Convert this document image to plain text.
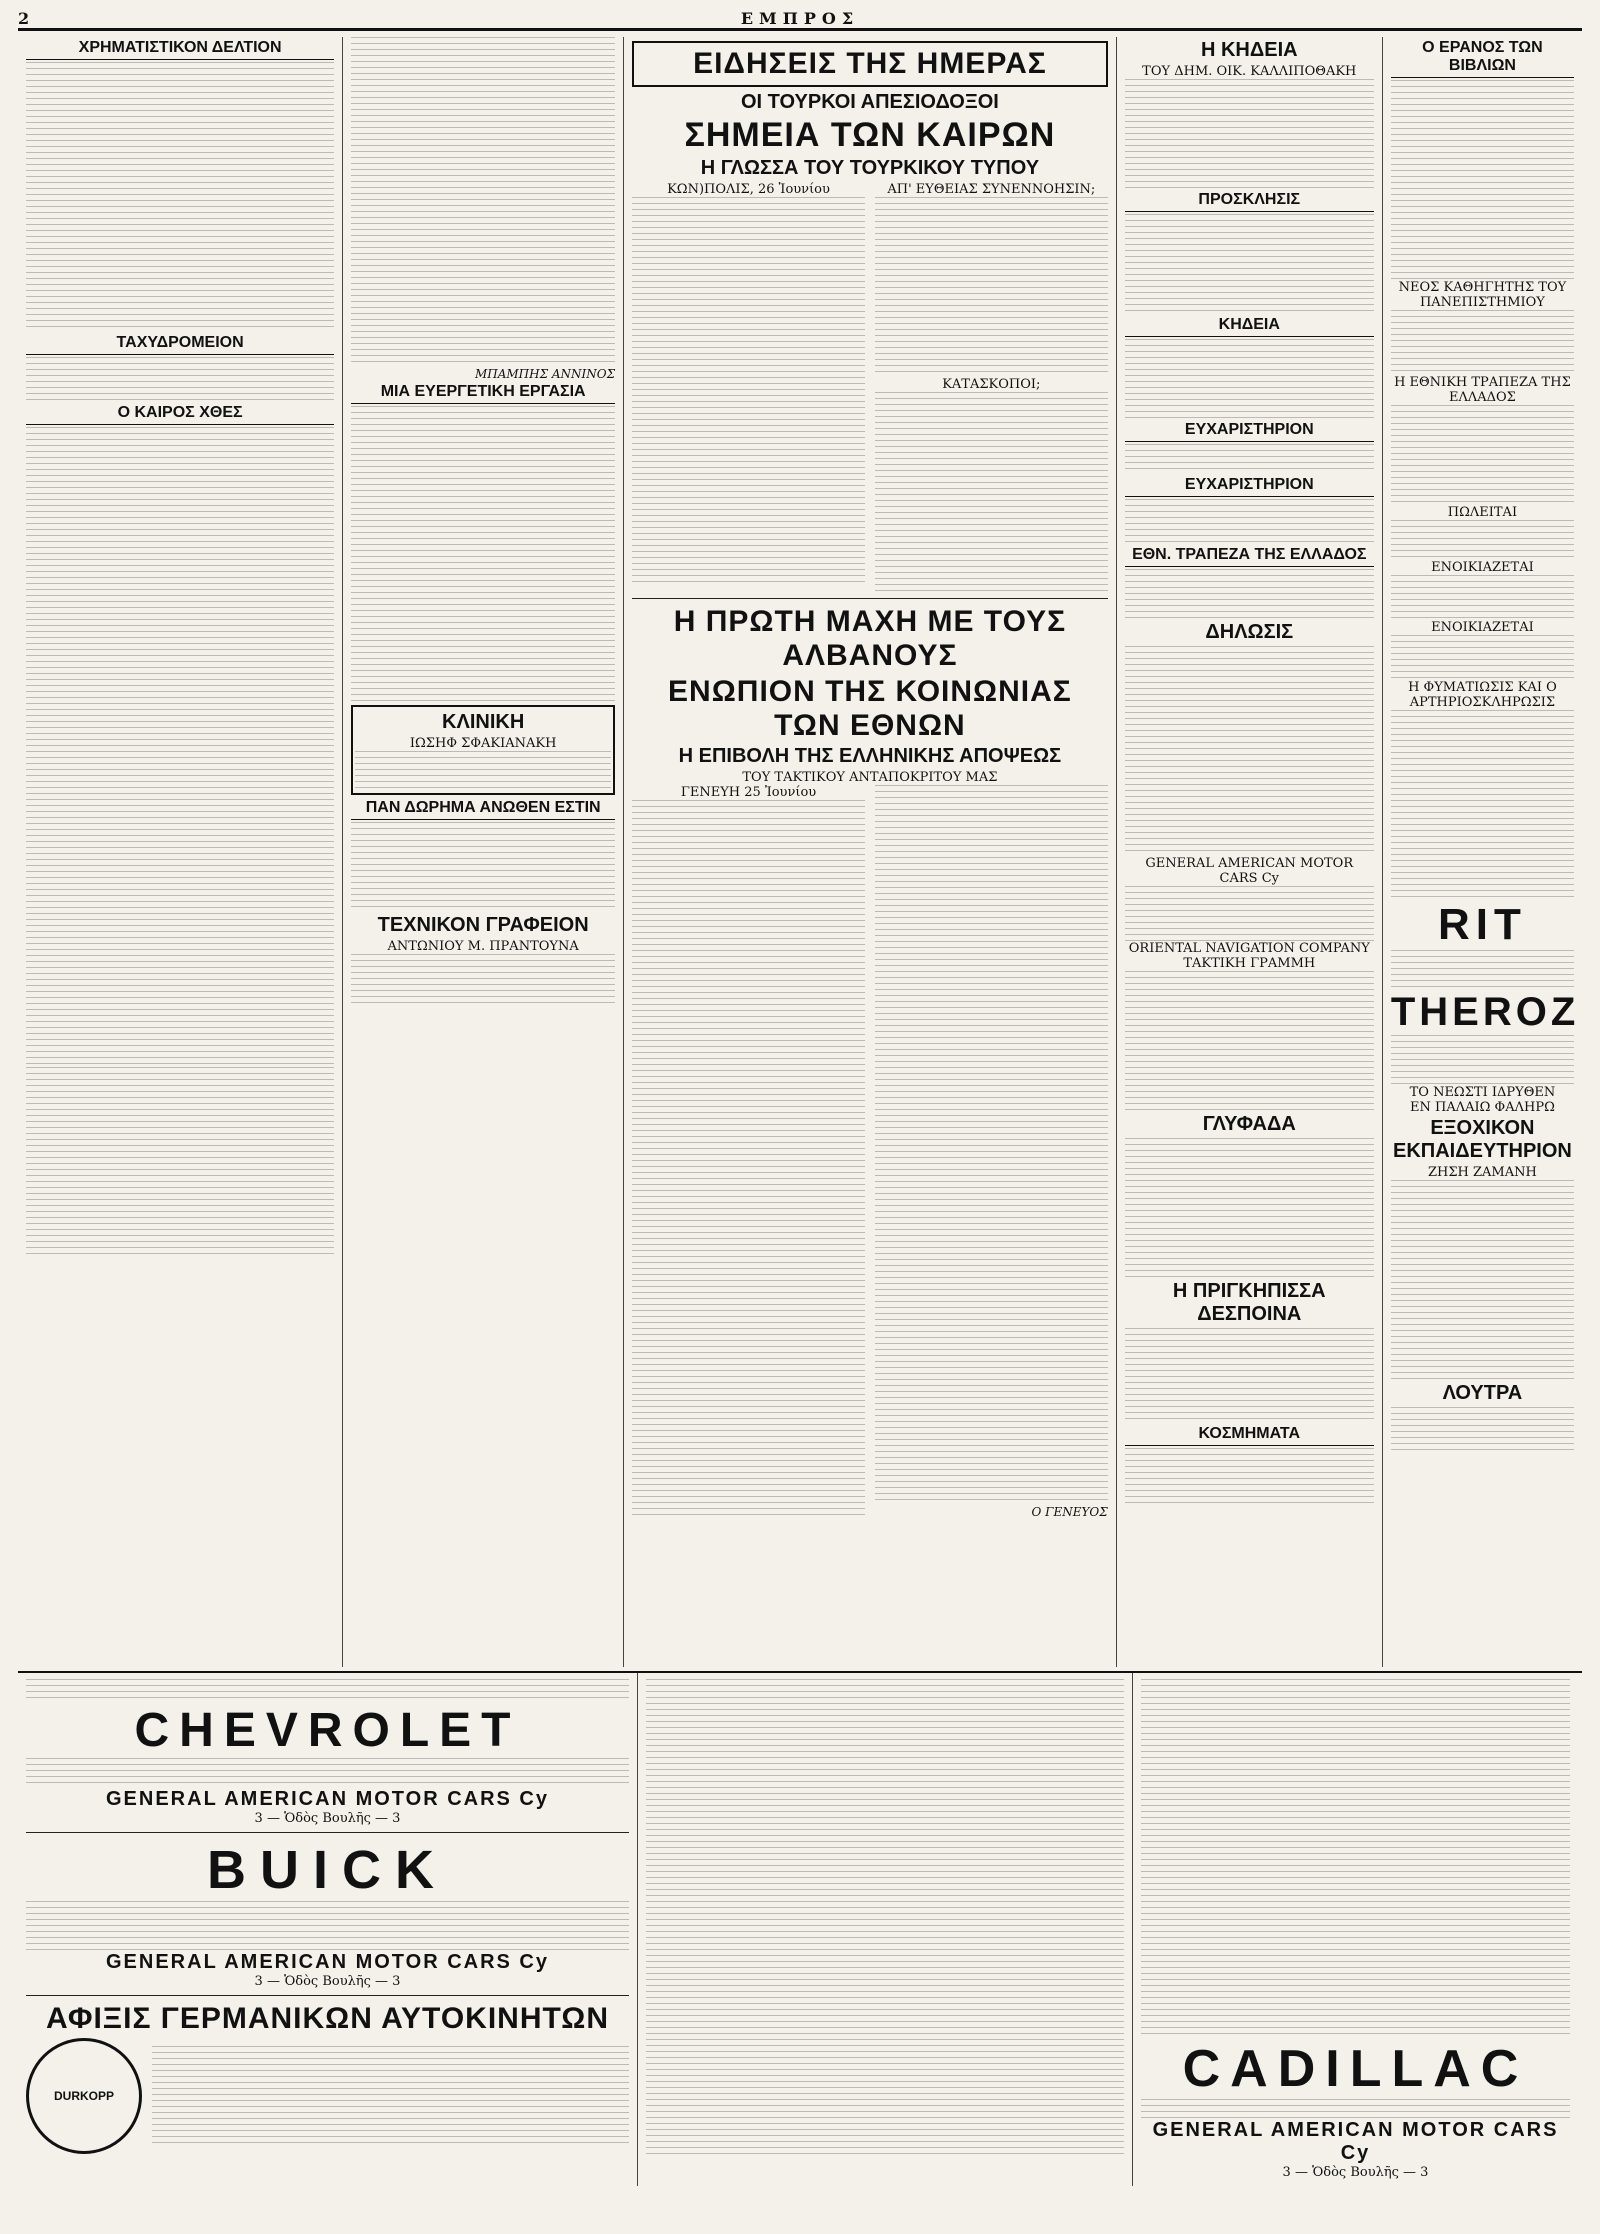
2	ΕΜΠΡΟΣ
ΧΡΗΜΑΤΙΣΤΙΚΟΝ ΔΕΛΤΙΟΝ
ΤΑΧΥΔΡΟΜΕΙΟΝ
Ο ΚΑΙΡΟΣ ΧΘΕΣ
ΜΠΑΜΠΗΣ ΑΝΝΙΝΟΣ
ΜΙΑ ΕΥΕΡΓΕΤΙΚΗ ΕΡΓΑΣΙΑ
ΚΛΙΝΙΚΗ
ΙΩΣΗΦ ΣΦΑΚΙΑΝΑΚΗ
ΠΑΝ ΔΩΡΗΜΑ ΑΝΩΘΕΝ ΕΣΤΙΝ
ΤΕΧΝΙΚΟΝ ΓΡΑΦΕΙΟΝ
ΑΝΤΩΝΙΟΥ Μ. ΠΡΑΝΤΟΥΝΑ
ΕΙΔΗΣΕΙΣ ΤΗΣ ΗΜΕΡΑΣ
ΟΙ ΤΟΥΡΚΟΙ ΑΠΕΣΙΟΔΟΞΟΙ
ΣΗΜΕΙΑ ΤΩΝ ΚΑΙΡΩΝ
Η ΓΛΩΣΣΑ ΤΟΥ ΤΟΥΡΚΙΚΟΥ ΤΥΠΟΥ
ΚΩΝ)ΠΟΛΙΣ, 26 Ἰουνίου	ΑΠ' ΕΥΘΕΙΑΣ ΣΥΝΕΝΝΟΗΣΙΝ;
ΚΑΤΑΣΚΟΠΟΙ;
Η ΠΡΩΤΗ ΜΑΧΗ ΜΕ ΤΟΥΣ ΑΛΒΑΝΟΥΣ
ΕΝΩΠΙΟΝ ΤΗΣ ΚΟΙΝΩΝΙΑΣ ΤΩΝ ΕΘΝΩΝ
Η ΕΠΙΒΟΛΗ ΤΗΣ ΕΛΛΗΝΙΚΗΣ ΑΠΟΨΕΩΣ
ΤΟΥ ΤΑΚΤΙΚΟΥ ΑΝΤΑΠΟΚΡΙΤΟΥ ΜΑΣ
ΓΕΝΕΥΗ 25 Ἰουνίου
Ο ΓΕΝΕΥΟΣ
Η ΚΗΔΕΙΑ
ΤΟΥ ΔΗΜ. ΟΙΚ. ΚΑΛΛΙΠΟΘΑΚΗ
ΠΡΟΣΚΛΗΣΙΣ
ΚΗΔΕΙΑ
ΕΥΧΑΡΙΣΤΗΡΙΟΝ
ΕΥΧΑΡΙΣΤΗΡΙΟΝ
ΕΘΝ. ΤΡΑΠΕΖΑ ΤΗΣ ΕΛΛΑΔΟΣ
ΔΗΛΩΣΙΣ
GENERAL AMERICAN MOTOR CARS Cy
ORIENTAL NAVIGATION COMPANY
ΤΑΚΤΙΚΗ ΓΡΑΜΜΗ
ΓΛΥΦΑΔΑ
Η ΠΡΙΓΚΗΠΙΣΣΑ ΔΕΣΠΟΙΝΑ
ΚΟΣΜΗΜΑΤΑ
Ο ΕΡΑΝΟΣ ΤΩΝ ΒΙΒΛΙΩΝ
ΝΕΟΣ ΚΑΘΗΓΗΤΗΣ ΤΟΥ ΠΑΝΕΠΙΣΤΗΜΙΟΥ
Η ΕΘΝΙΚΗ ΤΡΑΠΕΖΑ ΤΗΣ ΕΛΛΑΔΟΣ
ΠΩΛΕΙΤΑΙ
ΕΝΟΙΚΙΑΖΕΤΑΙ
ΕΝΟΙΚΙΑΖΕΤΑΙ
Η ΦΥΜΑΤΙΩΣΙΣ ΚΑΙ Ο ΑΡΤΗΡΙΟΣΚΛΗΡΩΣΙΣ
RIT
THEROZ
ΤΟ ΝΕΩΣΤΙ ΙΔΡΥΘΕΝ
ΕΝ ΠΑΛΑΙΩ ΦΑΛΗΡΩ
ΕΞΟΧΙΚΟΝ ΕΚΠΑΙΔΕΥΤΗΡΙΟΝ
ΖΗΣΗ ΖΑΜΑΝΗ
ΛΟΥΤΡΑ
CHEVROLET
GENERAL AMERICAN MOTOR CARS Cy
3 — Ὁδὸς Βουλῆς — 3
BUICK
GENERAL AMERICAN MOTOR CARS Cy
3 — Ὁδὸς Βουλῆς — 3
ΑΦΙΞΙΣ ΓΕΡΜΑΝΙΚΩΝ ΑΥΤΟΚΙΝΗΤΩΝ
DURKOPP	CADILLAC
GENERAL AMERICAN MOTOR CARS Cy
3 — Ὁδὸς Βουλῆς — 3
